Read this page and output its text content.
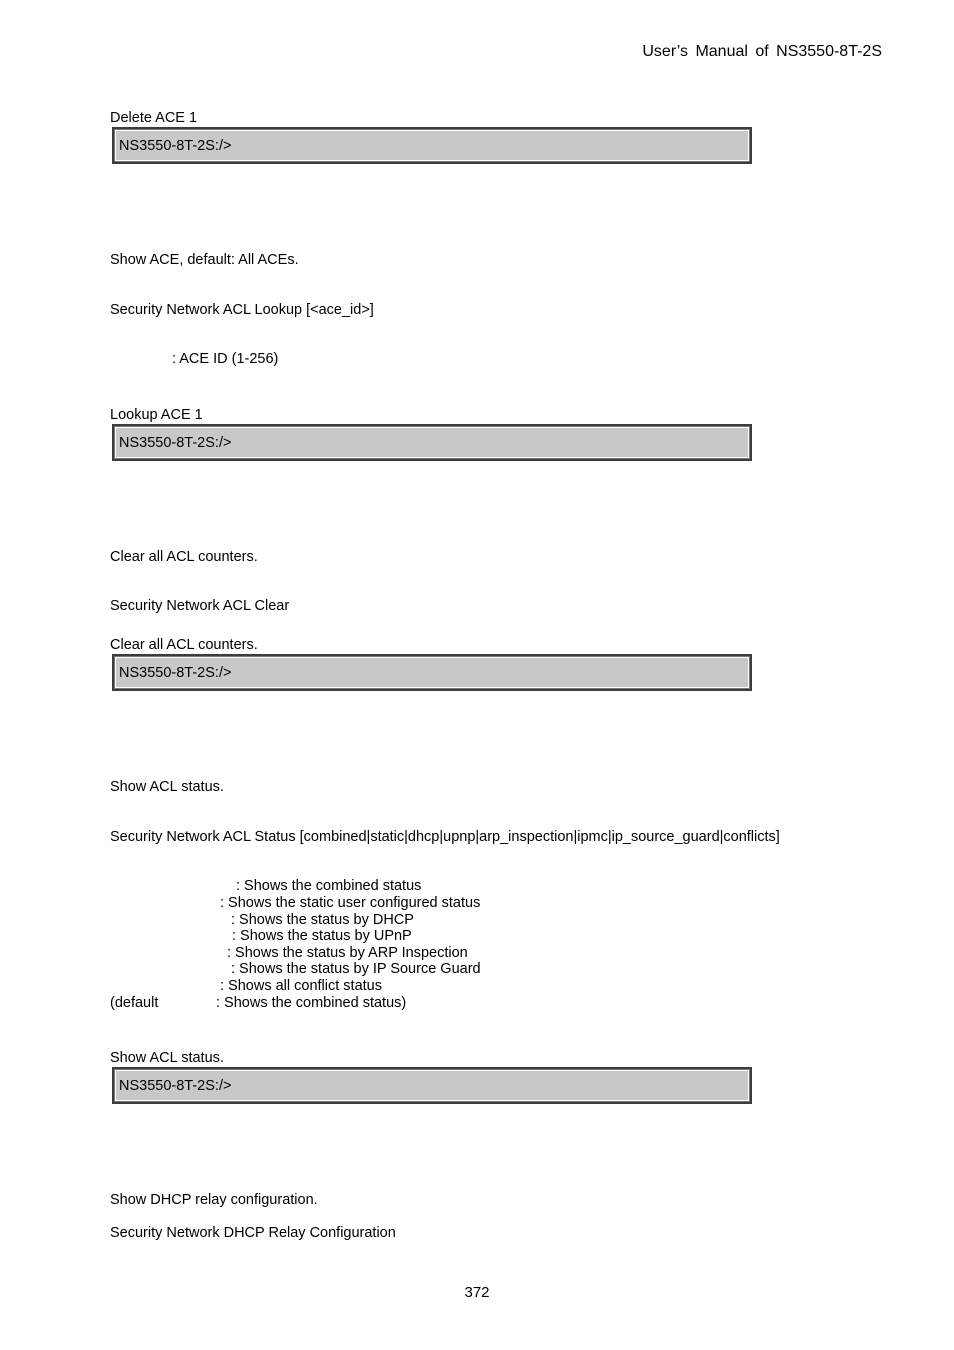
User’s Manual of NS3550-8T-2S
Delete ACE 1
NS3550-8T-2S:/>
Show ACE, default: All ACEs.
Security Network ACL Lookup [<ace_id>]
: ACE ID (1-256)
Lookup ACE 1
NS3550-8T-2S:/>
Clear all ACL counters.
Security Network ACL Clear
Clear all ACL counters.
NS3550-8T-2S:/>
Show ACL status.
Security Network ACL Status [combined|static|dhcp|upnp|arp_inspection|ipmc|ip_source_guard|conflicts]
: Shows the combined status
: Shows the static user configured status
: Shows the status by DHCP
: Shows the status by UPnP
: Shows the status by ARP Inspection
: Shows the status by IP Source Guard
: Shows all conflict status
(default	: Shows the combined status)
Show ACL status.
NS3550-8T-2S:/>
Show DHCP relay configuration.
Security Network DHCP Relay Configuration
372
